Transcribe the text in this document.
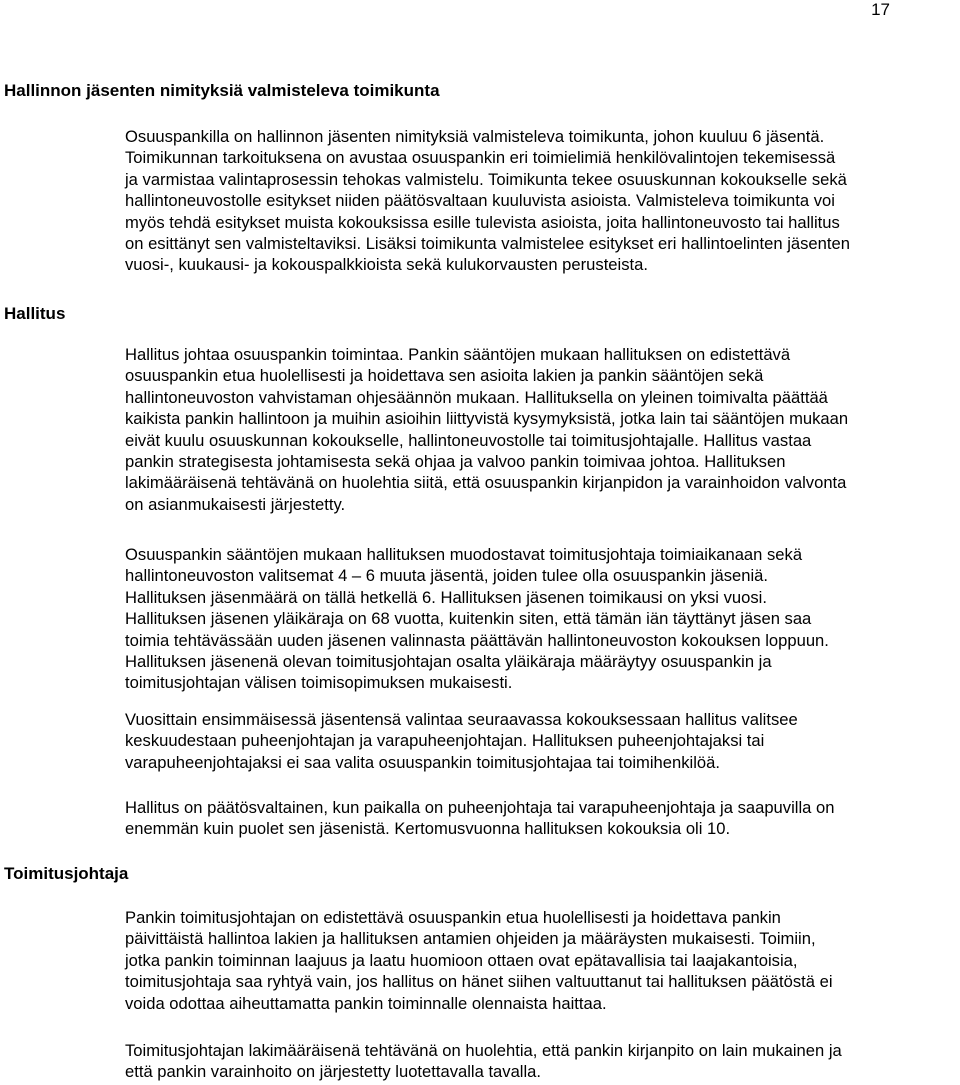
17
Hallinnon jäsenten nimityksiä valmisteleva toimikunta
Osuuspankilla on hallinnon jäsenten nimityksiä valmisteleva toimikunta, johon kuuluu 6 jäsentä.
Toimikunnan tarkoituksena on avustaa osuuspankin eri toimielimiä henkilövalintojen tekemisessä
ja varmistaa valintaprosessin tehokas valmistelu. Toimikunta tekee osuuskunnan kokoukselle sekä
hallintoneuvostolle esitykset niiden päätösvaltaan kuuluvista asioista. Valmisteleva toimikunta voi
myös tehdä esitykset muista kokouksissa esille tulevista asioista, joita hallintoneuvosto tai hallitus
on esittänyt sen valmisteltaviksi. Lisäksi toimikunta valmistelee esitykset eri hallintoelinten jäsenten
vuosi-, kuukausi- ja kokouspalkkioista sekä kulukorvausten perusteista.
Hallitus
Hallitus johtaa osuuspankin toimintaa. Pankin sääntöjen mukaan hallituksen on edistettävä
osuuspankin etua huolellisesti ja hoidettava sen asioita lakien ja pankin sääntöjen sekä
hallintoneuvoston vahvistaman ohjesäännön mukaan. Hallituksella on yleinen toimivalta päättää
kaikista pankin hallintoon ja muihin asioihin liittyvistä kysymyksistä, jotka lain tai sääntöjen mukaan
eivät kuulu osuuskunnan kokoukselle, hallintoneuvostolle tai toimitusjohtajalle. Hallitus vastaa
pankin strategisesta johtamisesta sekä ohjaa ja valvoo pankin toimivaa johtoa. Hallituksen
lakimääräisenä tehtävänä on huolehtia siitä, että osuuspankin kirjanpidon ja varainhoidon valvonta
on asianmukaisesti järjestetty.
Osuuspankin sääntöjen mukaan hallituksen muodostavat toimitusjohtaja toimiaikanaan sekä
hallintoneuvoston valitsemat 4 – 6 muuta jäsentä, joiden tulee olla osuuspankin jäseniä.
Hallituksen jäsenmäärä on tällä hetkellä 6. Hallituksen jäsenen toimikausi on yksi vuosi.
Hallituksen jäsenen yläikäraja on 68 vuotta, kuitenkin siten, että tämän iän täyttänyt jäsen saa
toimia tehtävässään uuden jäsenen valinnasta päättävän hallintoneuvoston kokouksen loppuun.
Hallituksen jäsenenä olevan toimitusjohtajan osalta yläikäraja määräytyy osuuspankin ja
toimitusjohtajan välisen toimisopimuksen mukaisesti.
Vuosittain ensimmäisessä jäsentensä valintaa seuraavassa kokouksessaan hallitus valitsee
keskuudestaan puheenjohtajan ja varapuheenjohtajan. Hallituksen puheenjohtajaksi tai
varapuheenjohtajaksi ei saa valita osuuspankin toimitusjohtajaa tai toimihenkilöä.
Hallitus on päätösvaltainen, kun paikalla on puheenjohtaja tai varapuheenjohtaja ja saapuvilla on
enemmän kuin puolet sen jäsenistä. Kertomusvuonna hallituksen kokouksia oli 10.
Toimitusjohtaja
Pankin toimitusjohtajan on edistettävä osuuspankin etua huolellisesti ja hoidettava pankin
päivittäistä hallintoa lakien ja hallituksen antamien ohjeiden ja määräysten mukaisesti. Toimiin,
jotka pankin toiminnan laajuus ja laatu huomioon ottaen ovat epätavallisia tai laajakantoisia,
toimitusjohtaja saa ryhtyä vain, jos hallitus on hänet siihen valtuuttanut tai hallituksen päätöstä ei
voida odottaa aiheuttamatta pankin toiminnalle olennaista haittaa.
Toimitusjohtajan lakimääräisenä tehtävänä on huolehtia, että pankin kirjanpito on lain mukainen ja
että pankin varainhoito on järjestetty luotettavalla tavalla.
